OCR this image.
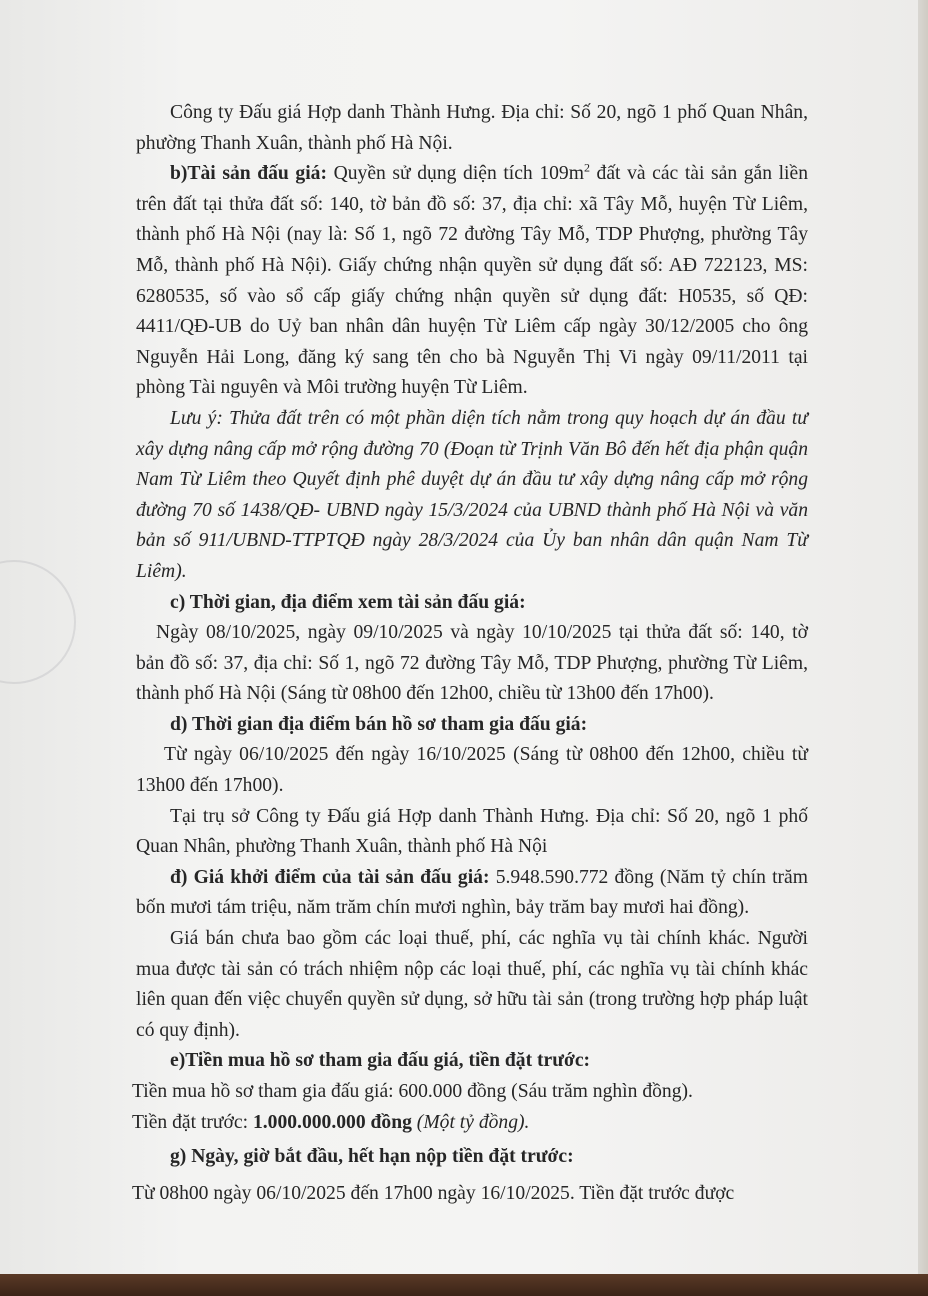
Công ty Đấu giá Hợp danh Thành Hưng. Địa chỉ: Số 20, ngõ 1 phố Quan Nhân, phường Thanh Xuân, thành phố Hà Nội.

b)Tài sản đấu giá: Quyền sử dụng diện tích $109m^2$ đất và các tài sản gắn liền trên đất tại thửa đất số: 140, tờ bản đồ số: 37, địa chỉ: xã Tây Mỗ, huyện Từ Liêm, thành phố Hà Nội (nay là: Số 1, ngõ 72 đường Tây Mỗ, TDP Phượng, phường Tây Mỗ, thành phố Hà Nội). Giấy chứng nhận quyền sử dụng đất số: AĐ 722123, MS: 6280535, số vào sổ cấp giấy chứng nhận quyền sử dụng đất: H0535, số QĐ: 4411/QĐ-UB do Uỷ ban nhân dân huyện Từ Liêm cấp ngày 30/12/2005 cho ông Nguyễn Hải Long, đăng ký sang tên cho bà Nguyễn Thị Vi ngày 09/11/2011 tại phòng Tài nguyên và Môi trường huyện Từ Liêm.

Lưu ý: Thửa đất trên có một phần diện tích nằm trong quy hoạch dự án đầu tư xây dựng nâng cấp mở rộng đường 70 (Đoạn từ Trịnh Văn Bô đến hết địa phận quận Nam Từ Liêm theo Quyết định phê duyệt dự án đầu tư xây dựng nâng cấp mở rộng đường 70 số 1438/QĐ- UBND ngày 15/3/2024 của UBND thành phố Hà Nội và văn bản số 911/UBND-TTPTQĐ ngày 28/3/2024 của Ủy ban nhân dân quận Nam Từ Liêm).

c) Thời gian, địa điểm xem tài sản đấu giá:

Ngày 08/10/2025, ngày 09/10/2025 và ngày 10/10/2025 tại thửa đất số: 140, tờ bản đồ số: 37, địa chỉ: Số 1, ngõ 72 đường Tây Mỗ, TDP Phượng, phường Từ Liêm, thành phố Hà Nội (Sáng từ 08h00 đến 12h00, chiều từ 13h00 đến 17h00).

d) Thời gian địa điểm bán hồ sơ tham gia đấu giá:

Từ ngày 06/10/2025 đến ngày 16/10/2025 (Sáng từ 08h00 đến 12h00, chiều từ 13h00 đến 17h00).

Tại trụ sở Công ty Đấu giá Hợp danh Thành Hưng. Địa chỉ: Số 20, ngõ 1 phố Quan Nhân, phường Thanh Xuân, thành phố Hà Nội

đ) Giá khởi điểm của tài sản đấu giá: 5.948.590.772 đồng (Năm tỷ chín trăm bốn mươi tám triệu, năm trăm chín mươi nghìn, bảy trăm bay mươi hai đồng).

Giá bán chưa bao gồm các loại thuế, phí, các nghĩa vụ tài chính khác. Người mua được tài sản có trách nhiệm nộp các loại thuế, phí, các nghĩa vụ tài chính khác liên quan đến việc chuyển quyền sử dụng, sở hữu tài sản (trong trường hợp pháp luật có quy định).

e)Tiền mua hồ sơ tham gia đấu giá, tiền đặt trước:

Tiền mua hồ sơ tham gia đấu giá: 600.000 đồng (Sáu trăm nghìn đồng).

Tiền đặt trước: 1.000.000.000 đồng (Một tỷ đồng).

g) Ngày, giờ bắt đầu, hết hạn nộp tiền đặt trước:

Từ 08h00 ngày 06/10/2025 đến 17h00 ngày 16/10/2025. Tiền đặt trước được
